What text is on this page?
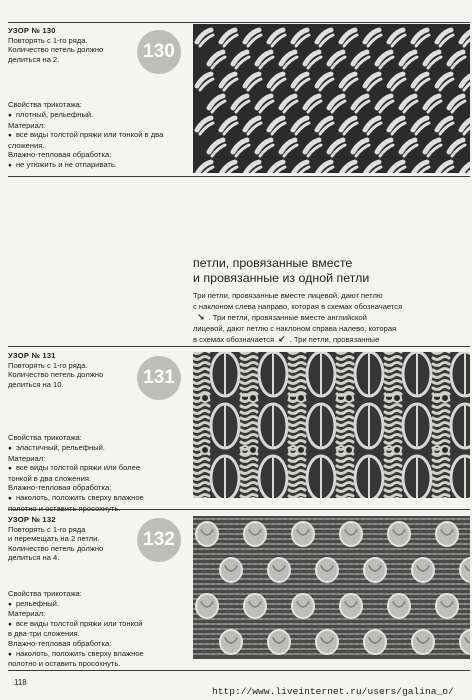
УЗОР № 130
Повторять с 1-го ряда.
Количество петель должно
делиться на 2.
Свойства трикотажа:
● плотный, рельефный.
Материал:
● все виды толстой пряжи или тонкой в два
сложения.
Влажно-тепловая обработка:
● не утюжить и не отпаривать.
130
петли, провязанные вместе
и провязанные из одной петли
Три петли, провязанные вместе лицевой, дают петлю
с наклоном слева направо, которая в схемах обозначается
↘ . Три петли, провязанные вместе английской
лицевой, дают петлю с наклоном справа налево, которая
в схемах обозначается ↙ . Три петли, провязанные
УЗОР № 131
Повторять с 1-го ряда.
Количество петель должно
делиться на 10.
Свойства трикотажа:
● эластичный, рельефный.
Материал:
● все виды толстой пряжи или более
тонкой в два сложения.
Влажно-тепловая обработка:
● наколоть, положить сверху влажное
полотно и оставить просохнуть.
131
УЗОР № 132
Повторять с 1-го ряда
и перемещать на 2 петли.
Количество петель должно
делиться на 4.
Свойства трикотажа:
● рельефный.
Материал:
● все виды толстой пряжи или тонкой
в два-три сложения.
Влажно-тепловая обработка:
● наколоть, положить сверху влажное
полотно и оставить просохнуть.
132
118
http://www.liveinternet.ru/users/galina_o/
